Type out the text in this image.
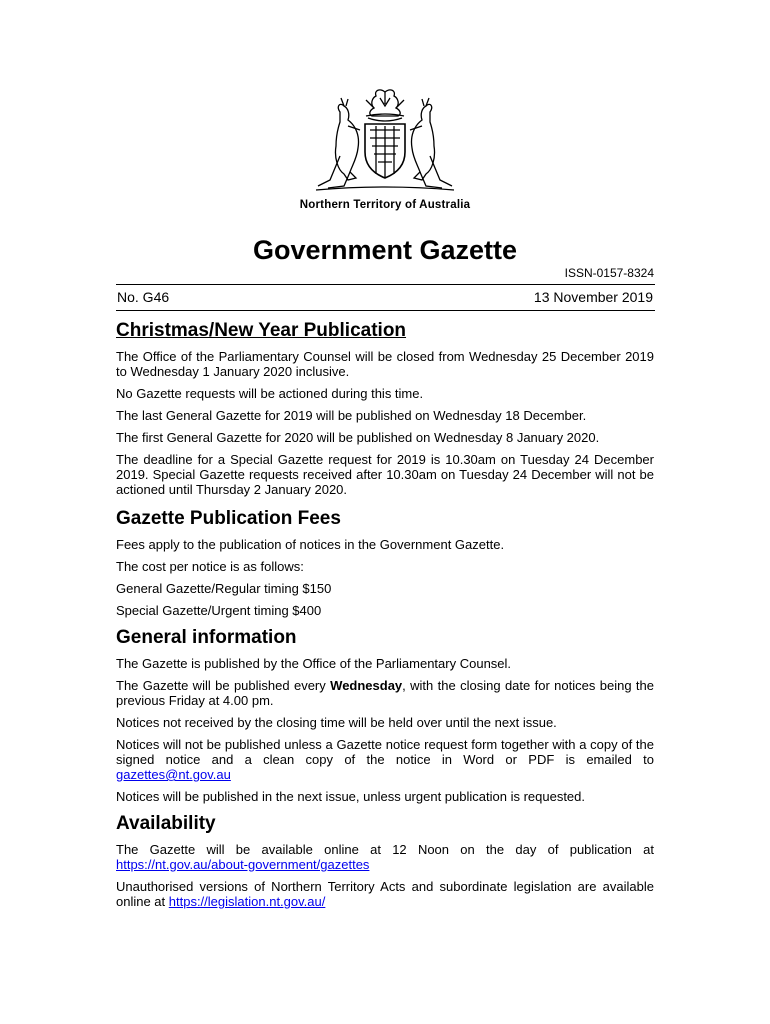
Northern Territory of Australia
Government Gazette
ISSN-0157-8324
No. G46	13 November 2019
Christmas/New Year Publication

The Office of the Parliamentary Counsel will be closed from Wednesday 25 December 2019 to Wednesday 1 January 2020 inclusive.

No Gazette requests will be actioned during this time.

The last General Gazette for 2019 will be published on Wednesday 18 December.

The first General Gazette for 2020 will be published on Wednesday 8 January 2020.

The deadline for a Special Gazette request for 2019 is 10.30am on Tuesday 24 December 2019. Special Gazette requests received after 10.30am on Tuesday 24 December will not be actioned until Thursday 2 January 2020.

Gazette Publication Fees

Fees apply to the publication of notices in the Government Gazette.

The cost per notice is as follows:

General Gazette/Regular timing $150

Special Gazette/Urgent timing $400

General information

The Gazette is published by the Office of the Parliamentary Counsel.

The Gazette will be published every Wednesday, with the closing date for notices being the previous Friday at 4.00 pm.

Notices not received by the closing time will be held over until the next issue.

Notices will not be published unless a Gazette notice request form together with a copy of the signed notice and a clean copy of the notice in Word or PDF is emailed to gazettes@nt.gov.au

Notices will be published in the next issue, unless urgent publication is requested.

Availability

The Gazette will be available online at 12 Noon on the day of publication at https://nt.gov.au/about-government/gazettes

Unauthorised versions of Northern Territory Acts and subordinate legislation are available online at https://legislation.nt.gov.au/
